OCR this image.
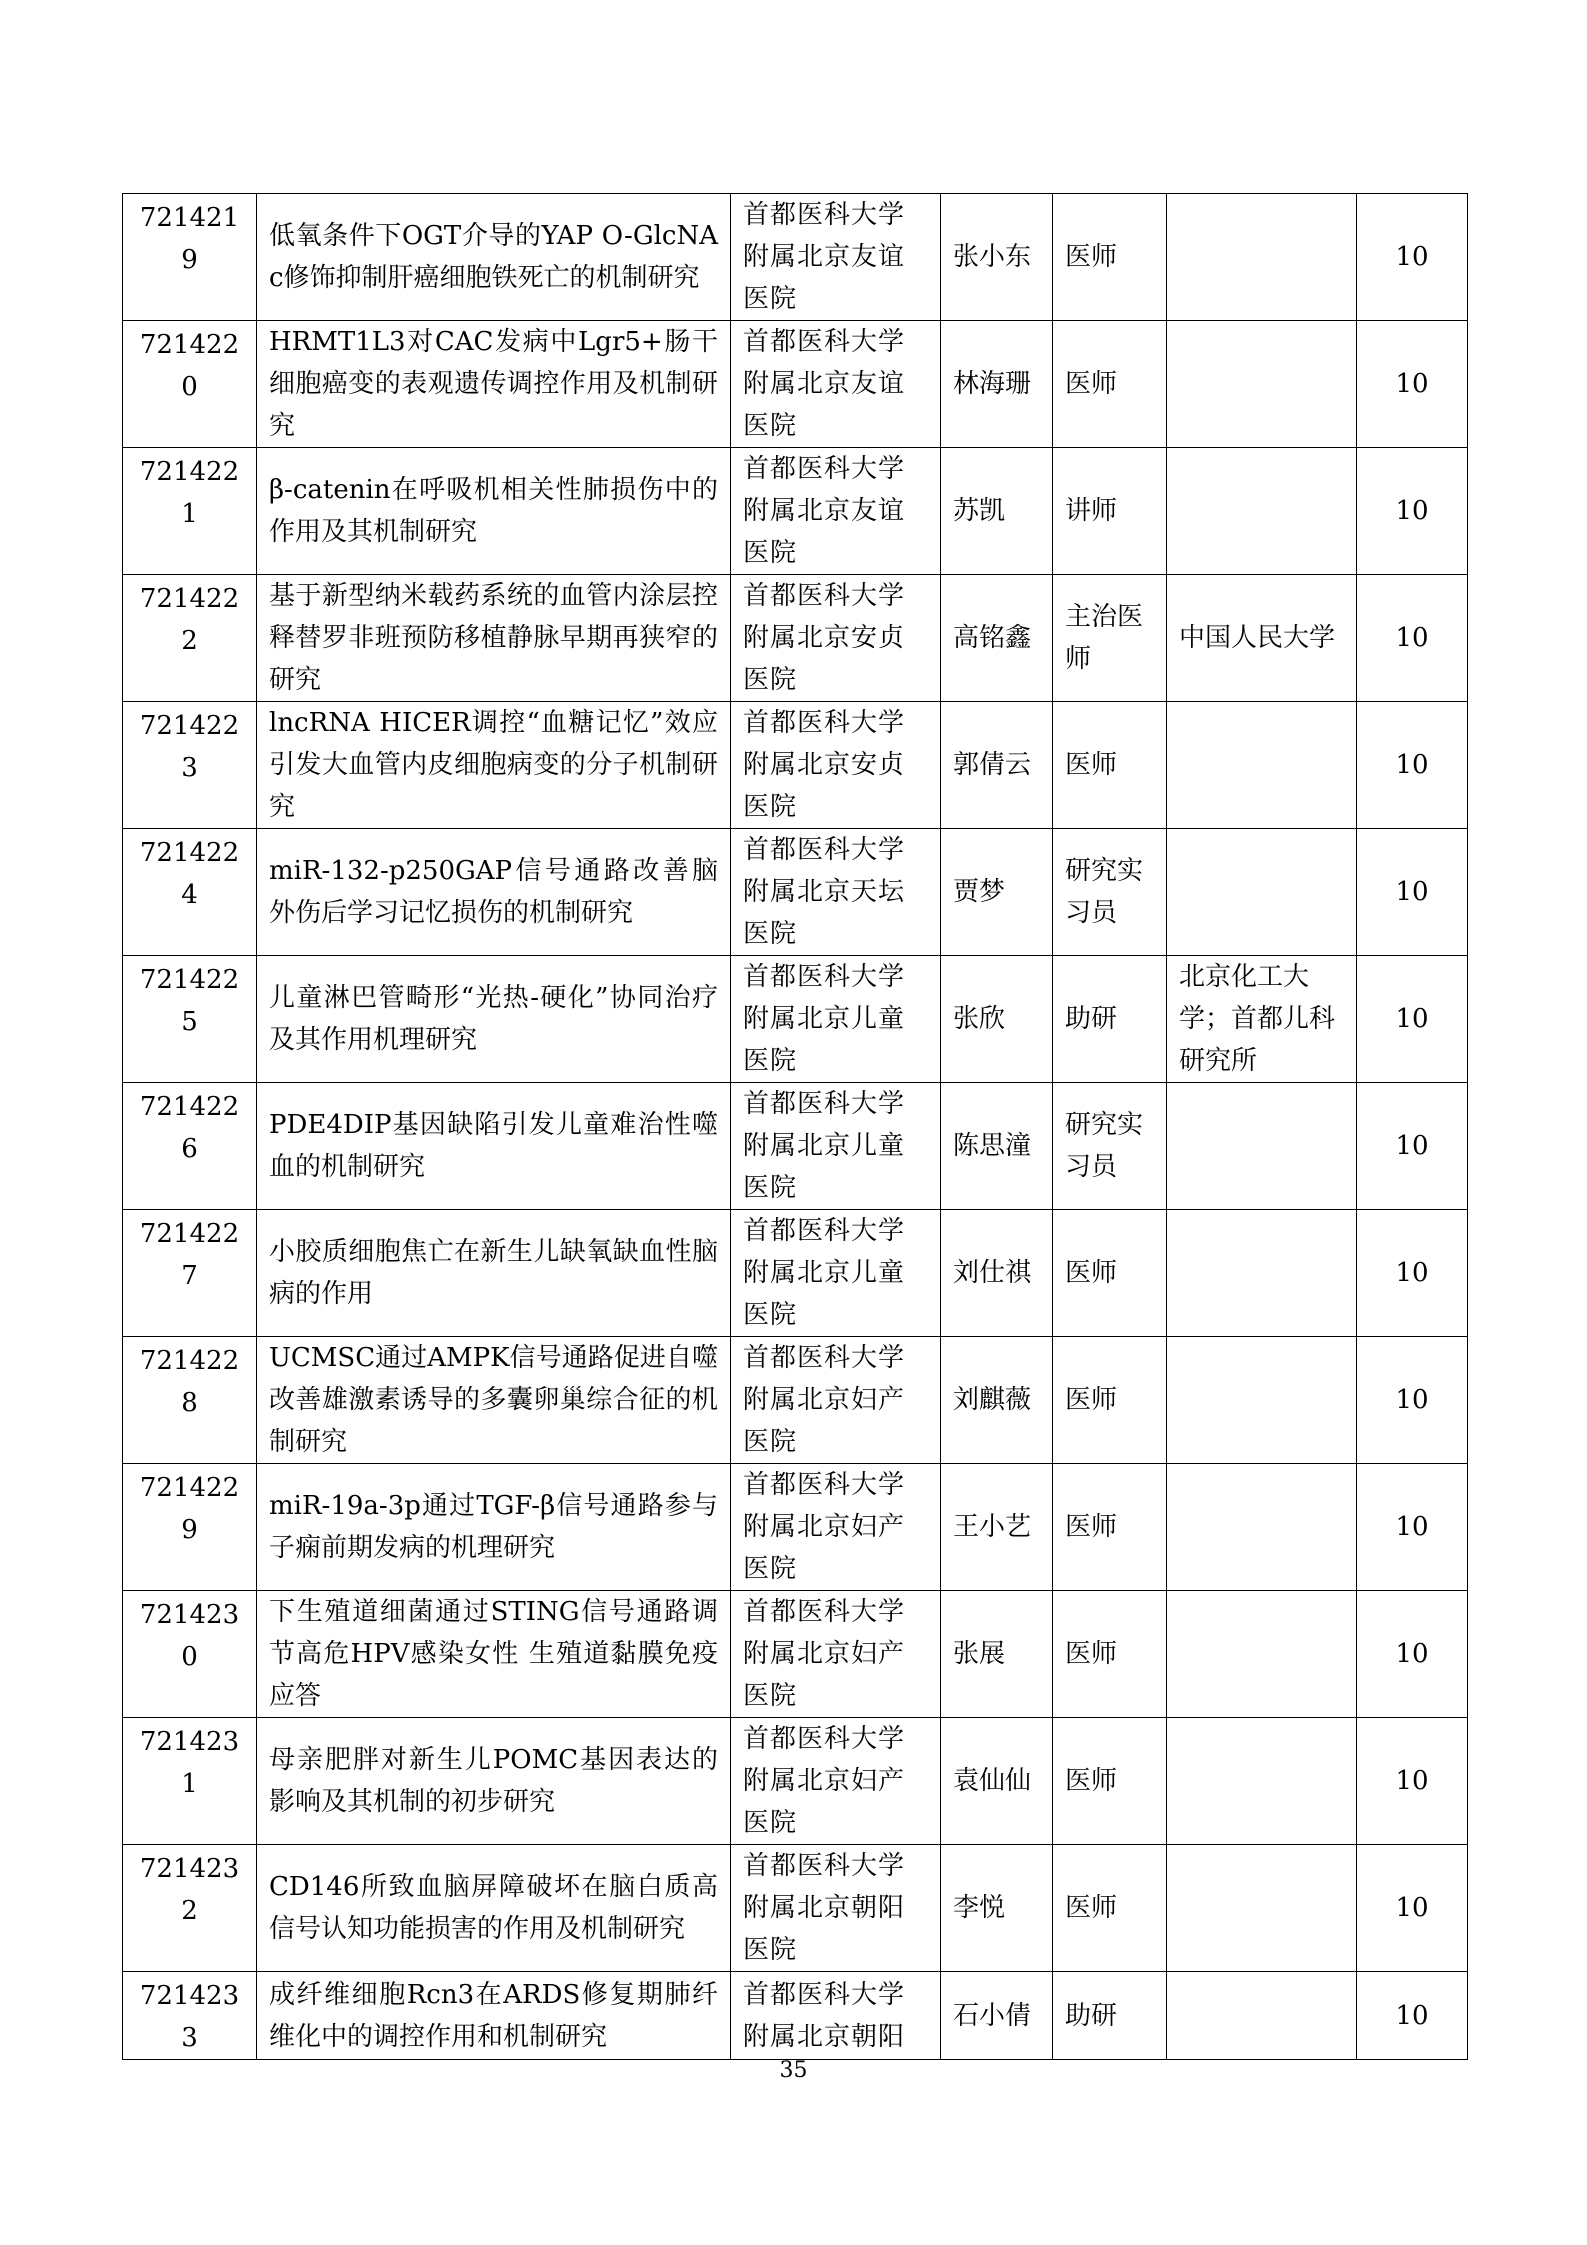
7214219	低氧条件下OGT介导的YAP O-GlcNAc修饰抑制肝癌细胞铁死亡的机制研究	首都医科大学附属北京友谊医院	张小东	医师		10

7214220	HRMT1L3对CAC发病中Lgr5+肠干细胞癌变的表观遗传调控作用及机制研究	首都医科大学附属北京友谊医院	林海珊	医师		10

7214221	β-catenin在呼吸机相关性肺损伤中的作用及其机制研究	首都医科大学附属北京友谊医院	苏凯	讲师		10

7214222	基于新型纳米载药系统的血管内涂层控释替罗非班预防移植静脉早期再狭窄的研究	首都医科大学附属北京安贞医院	高铭鑫	主治医师	中国人民大学	10

7214223	lncRNA HICER调控“血糖记忆”效应引发大血管内皮细胞病变的分子机制研究	首都医科大学附属北京安贞医院	郭倩云	医师		10

7214224	miR-132-p250GAP信号通路改善脑外伤后学习记忆损伤的机制研究	首都医科大学附属北京天坛医院	贾梦	研究实习员		10

7214225	儿童淋巴管畸形“光热-硬化”协同治疗及其作用机理研究	首都医科大学附属北京儿童医院	张欣	助研	北京化工大学；首都儿科研究所	10

7214226	PDE4DIP基因缺陷引发儿童难治性噬血的机制研究	首都医科大学附属北京儿童医院	陈思潼	研究实习员		10

7214227	小胶质细胞焦亡在新生儿缺氧缺血性脑病的作用	首都医科大学附属北京儿童医院	刘仕祺	医师		10

7214228	UCMSC通过AMPK信号通路促进自噬改善雄激素诱导的多囊卵巢综合征的机制研究	首都医科大学附属北京妇产医院	刘麒薇	医师		10

7214229	miR-19a-3p通过TGF-β信号通路参与子痫前期发病的机理研究	首都医科大学附属北京妇产医院	王小艺	医师		10

7214230	下生殖道细菌通过STING信号通路调节高危HPV感染女性 生殖道黏膜免疫应答	首都医科大学附属北京妇产医院	张展	医师		10

7214231	母亲肥胖对新生儿POMC基因表达的影响及其机制的初步研究	首都医科大学附属北京妇产医院	袁仙仙	医师		10

7214232	CD146所致血脑屏障破坏在脑白质高信号认知功能损害的作用及机制研究	首都医科大学附属北京朝阳医院	李悦	医师		10

7214233	成纤维细胞Rcn3在ARDS修复期肺纤维化中的调控作用和机制研究	首都医科大学附属北京朝阳	石小倩	助研		10
35
